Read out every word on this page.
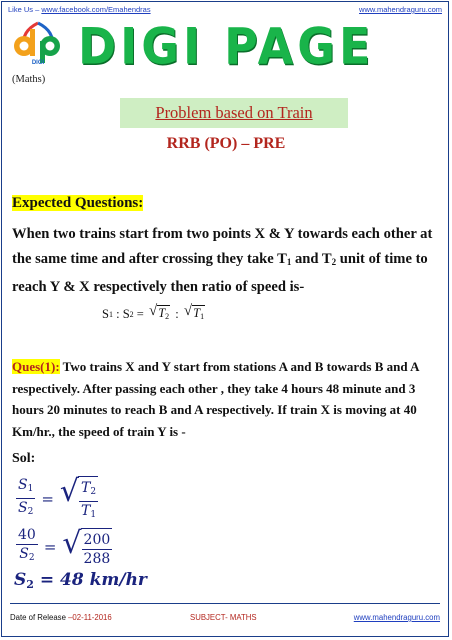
Like Us – www.facebook.com/Emahendras	www.mahendraguru.com
DIGI DIGI PAGE
(Maths)
Problem based on Train
RRB (PO) – PRE
Expected Questions:
When two trains start from two points X & Y towards each other at the same time and after crossing they take $T_1$ and $T_2$ unit of time to reach Y & X respectively then ratio of speed is-
S 1 : S 2 = √ $T_2$ : √ $T_1$
Ques(1): Two trains X and Y start from stations A and B towards B and A respectively. After passing each other , they take 4 hours 48 minute and 3 hours 20 minutes to reach B and A respectively. If train X is moving at 40 Km/hr., the speed of train Y is -
Sol:
$\frac{S_1}{S_2}$ = √ $\frac{T_2}{T_1}$
$\frac{40}{S_2}$ = √ $\frac{200}{288}$
$S_2 = 48$ km/hr
Date of Release –02-11-2016	SUBJECT- MATHS	www.mahendraguru.com
